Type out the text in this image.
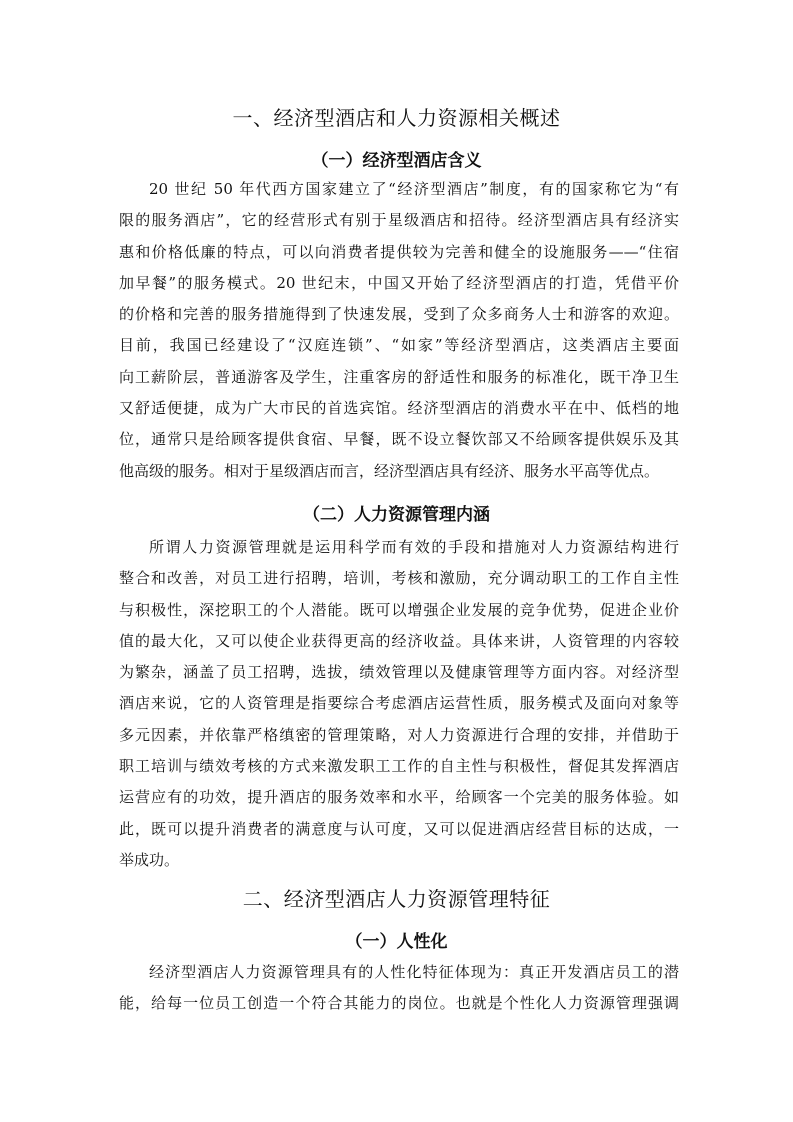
一、经济型酒店和人力资源相关概述
（一）经济型酒店含义
20 世纪 50 年代西方国家建立了“经济型酒店”制度，有的国家称它为“有
限的服务酒店”，它的经营形式有别于星级酒店和招待。经济型酒店具有经济实
惠和价格低廉的特点，可以向消费者提供较为完善和健全的设施服务——“住宿
加早餐”的服务模式。20 世纪末，中国又开始了经济型酒店的打造，凭借平价
的价格和完善的服务措施得到了快速发展，受到了众多商务人士和游客的欢迎。
目前，我国已经建设了“汉庭连锁”、“如家”等经济型酒店，这类酒店主要面
向工薪阶层，普通游客及学生，注重客房的舒适性和服务的标准化，既干净卫生
又舒适便捷，成为广大市民的首选宾馆。经济型酒店的消费水平在中、低档的地
位，通常只是给顾客提供食宿、早餐，既不设立餐饮部又不给顾客提供娱乐及其
他高级的服务。相对于星级酒店而言，经济型酒店具有经济、服务水平高等优点。
（二）人力资源管理内涵
所谓人力资源管理就是运用科学而有效的手段和措施对人力资源结构进行
整合和改善，对员工进行招聘，培训，考核和激励，充分调动职工的工作自主性
与积极性，深挖职工的个人潜能。既可以增强企业发展的竞争优势，促进企业价
值的最大化，又可以使企业获得更高的经济收益。具体来讲，人资管理的内容较
为繁杂，涵盖了员工招聘，选拔，绩效管理以及健康管理等方面内容。对经济型
酒店来说，它的人资管理是指要综合考虑酒店运营性质，服务模式及面向对象等
多元因素，并依靠严格缜密的管理策略，对人力资源进行合理的安排，并借助于
职工培训与绩效考核的方式来激发职工工作的自主性与积极性，督促其发挥酒店
运营应有的功效，提升酒店的服务效率和水平，给顾客一个完美的服务体验。如
此，既可以提升消费者的满意度与认可度，又可以促进酒店经营目标的达成，一
举成功。
二、经济型酒店人力资源管理特征
（一）人性化
经济型酒店人力资源管理具有的人性化特征体现为：真正开发酒店员工的潜
能，给每一位员工创造一个符合其能力的岗位。也就是个性化人力资源管理强调
